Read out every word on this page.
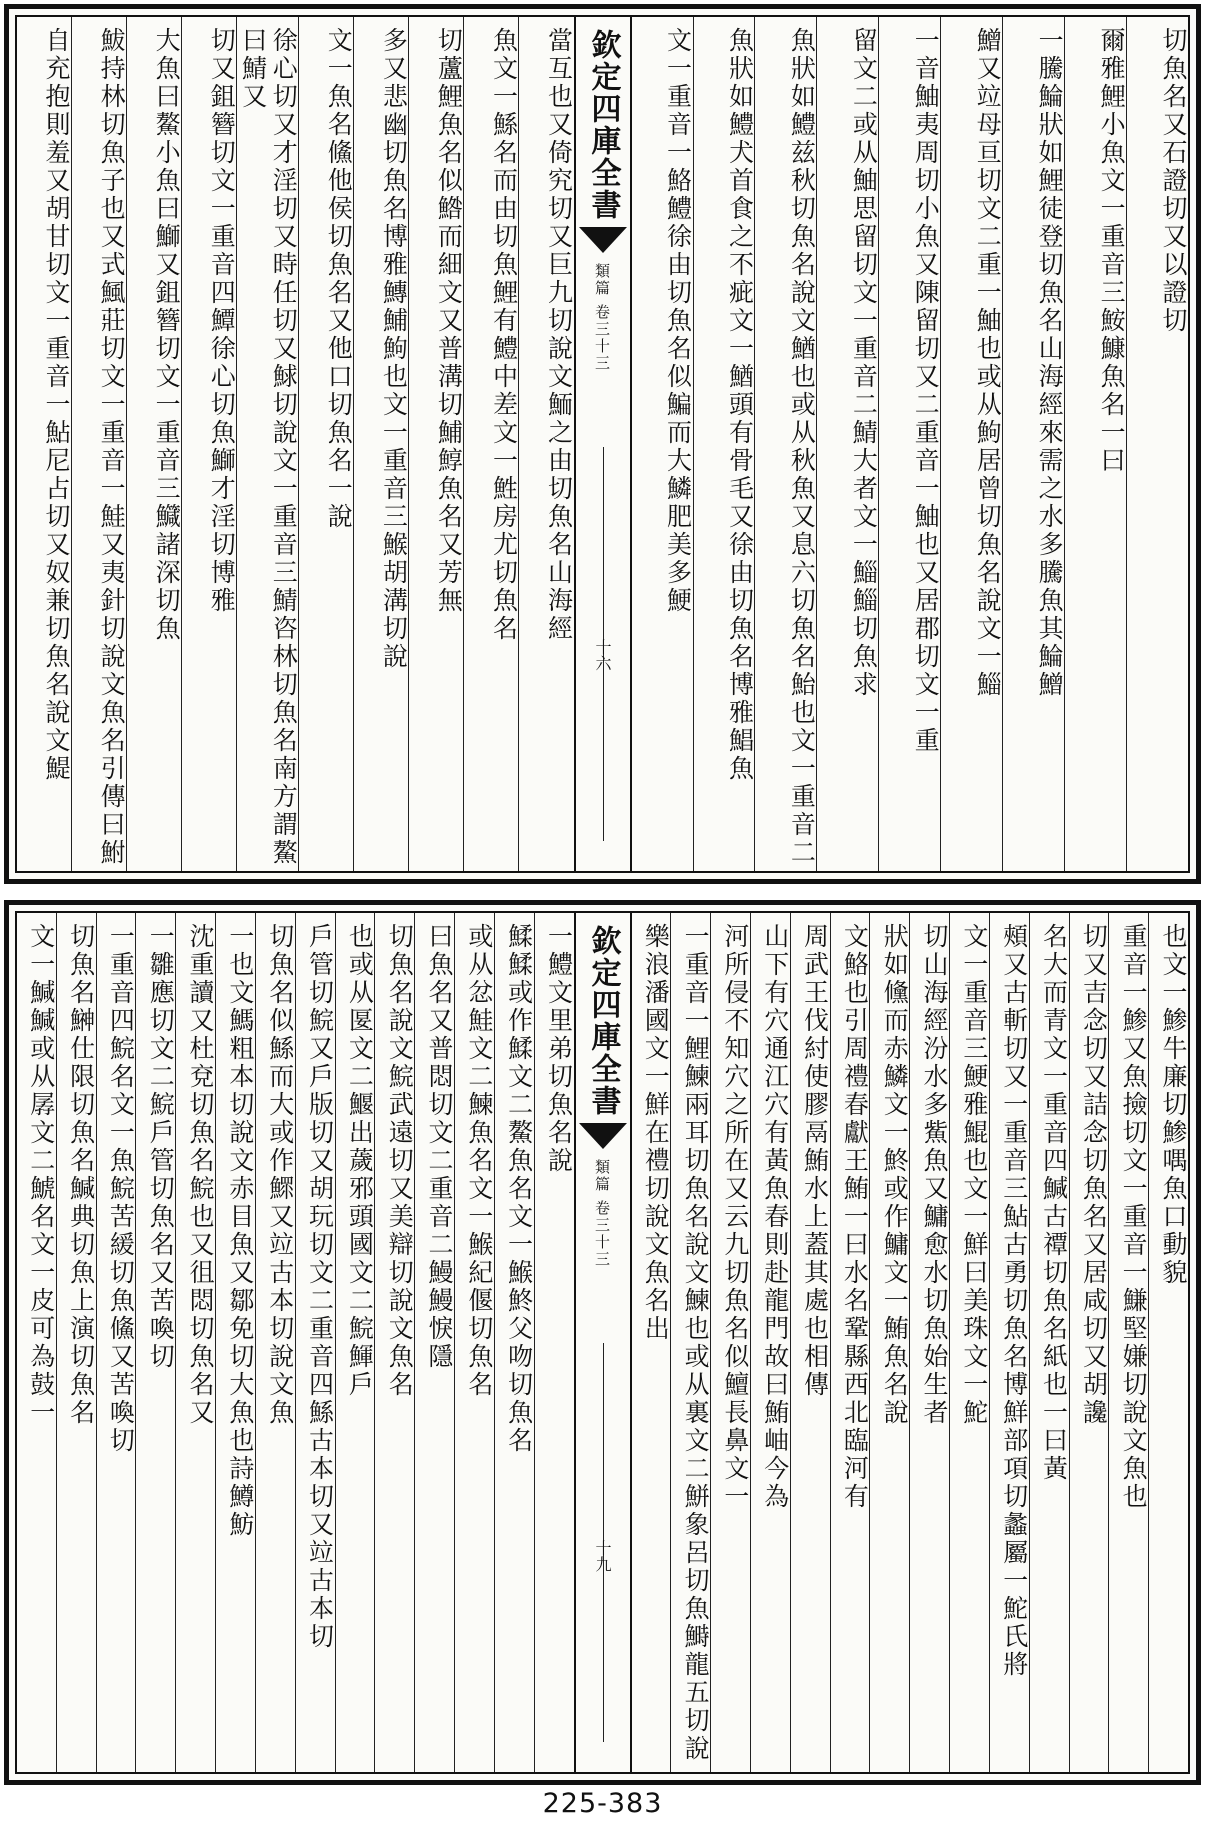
切魚名又石證切又以證切
爾雅鯉小魚文一重音三鮟鱇魚名一曰
一騰鯩狀如鯉徒登切魚名山海經來需之水多騰魚其鯩鱛
鱛又竝母亘切文二重一鮋也或从鮈居曾切魚名說文一鯔
一音鮋夷周切小魚又陳留切又二重音一鮋也又居郡切文一重
留文二或从鮋思留切文一重音二鯖大者文一鯔鯔切魚求
魚狀如鱧兹秋切魚名說文鰌也或从秋魚又息六切魚名鮐也文一重音二
魚狀如鱧犬首食之不疵文一鰌頭有骨毛又徐由切魚名博雅鯧魚
文一重音一鮥鱧徐由切魚名似鯿而大鱗肥美多鯁
欽定四庫全書
類篇 卷三十三
十六
當互也又倚究切又巨九切說文鮞之由切魚名山海經
魚文一鯀名而由切魚鯉有鱧中差文一鮏房尤切魚名
切蘆鯉魚名似鯦而細文又普溝切鯆鯙魚名又芳無
多又悲幽切魚名博雅鱄鯆鮈也文一重音三鯸胡溝切說
文一魚名鯈他侯切魚名又他口切魚名一說
徐心切又才淫切又時任切又鯄切說文一重音三鯖咨林切魚名南方謂鰲曰鯖又
切又鉏簪切文一重音四鱏徐心切魚鰤才淫切博雅
大魚曰鰲小魚曰鰤又鉏簪切文一重音三鱵諸深切魚
鮁持林切魚子也又式鯴莊切文一重音一鮭又夷針切說文魚名引傳曰鮒
自充抱則羞又胡甘切文一重音一鮎尼占切又奴兼切魚名說文鯷
也文一鯵牛廉切鯵喁魚口動貌
重音一鯵又魚撿切文一重音一鰜堅嫌切說文魚也
切又吉念切又詰念切魚名又居咸切又胡讒
名大而青文一重音四鰔古禫切魚名紙也一曰黃
頰又古斬切又一重音三鮎古勇切魚名博鮮部項切蠡屬一鮀氏將
文一重音三鯁雅鯤也文一鮮曰美珠文一鮀
切山海經汾水多鮆魚又鱅愈水切魚始生者
狀如儵而赤鱗文一鮗或作鱅文一鮪魚名說
文鮥也引周禮春獻王鮪一曰水名鞏縣西北臨河有
周武王伐紂使膠鬲鮪水上蓋其處也相傳
山下有穴通江穴有黃魚春則赴龍門故曰鮪岫今為
河所侵不知穴之所在又云九切魚名似鱣長鼻文一
一重音一鯉鰊兩耳切魚名說文鰊也或从裏文二鮩象呂切魚鰣龍五切說
樂浪潘國文一鮮在禮切說文魚名出
欽定四庫全書
類篇 卷三十三
十九
一鱧文里弟切魚名說
鰇鰇或作鰇文二鰲魚名文一鯸鮗父吻切魚名
或从忿鮭文二鰊魚名文一鯸紀偃切魚名
曰魚名又普悶切文二重音二鰻鰻悷隱
切魚名說文鯇武遠切又美辯切說文魚名
也或从匽文二鰋出薉邪頭國文二鯇鯶戶
戶管切鯇又戶版切又胡玩切文二重音四鯀古本切又竝古本切
切魚名似鯀而大或作鰥又竝古本切說文魚
一也文鰢粗本切說文赤目魚又鄒免切大魚也詩鱒魴
沈重讀又杜兗切魚名鯇也又徂悶切魚名又
一雛應切文二鯇戶管切魚名又苦喚切
一重音四鯇名文一魚鯇苦緩切魚鯈又苦喚切
切魚名鰰仕限切魚名鰔典切魚上演切魚名
文一鰔鰔或从孱文二鯱名文一皮可為鼓一
225-383
